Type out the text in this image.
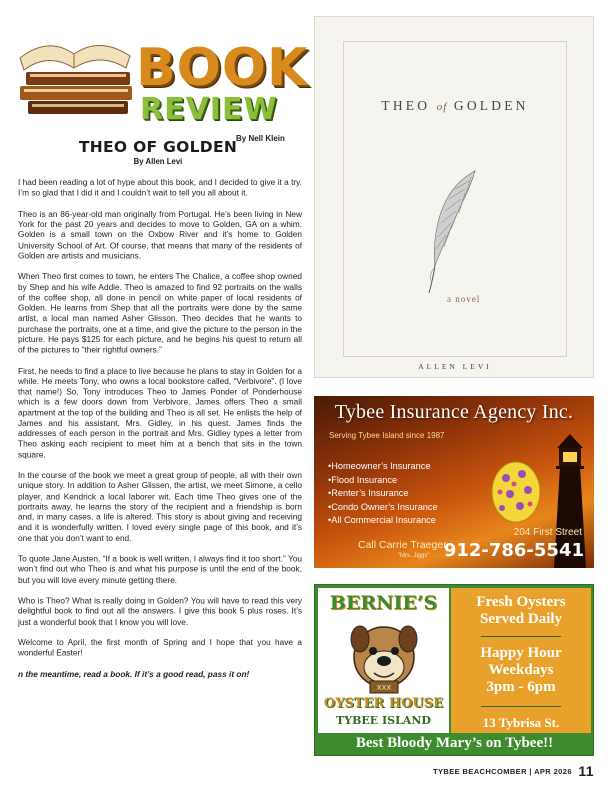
BOOK
REVIEW
By Nell Klein
THEO OF GOLDEN
By Allen Levi

I had been reading a lot of hype about this book, and I decided to give it a try. I’m so glad that I did it and I couldn’t wait to tell you all about it.

Theo is an 86-year-old man originally from Portugal. He’s been living in New York for the past 20 years and decides to move to Golden, GA on a whim. Golden is a small town on the Oxbow River and it’s home to Golden University School of Art. Of course, that means that many of the residents of Golden are artists and musicians.

When Theo first comes to town, he enters The Chalice, a coffee shop owned by Shep and his wife Addie. Theo is amazed to find 92 portraits on the walls of the coffee shop, all done in pencil on white paper of local residents of Golden. He learns from Shep that all the portraits were done by the same artist, a local man named Asher Glisson. Theo decides that he wants to purchase the portraits, one at a time, and give the picture to the person in the picture. He pays $125 for each picture, and he begins his quest to return all of the pictures to “their rightful owners.”

First, he needs to find a place to live because he plans to stay in Golden for a while. He meets Tony, who owns a local bookstore called, “Verbivore”. (I love that name!) So, Tony introduces Theo to James Ponder of Ponderhouse which is a few doors down from Verbivore. James offers Theo a small apartment at the top of the building and Theo is all set. He enlists the help of James and his assistant, Mrs. Gidley, in his quest. James finds the addresses of each person in the portrait and Mrs. Gidley types a letter from Theo asking each recipient to meet him at a bench that sits in the town square.

In the course of the book we meet a great group of people, all with their own unique story. In addition to Asher Glissen, the artist, we meet Simone, a cello player, and Kendrick a local laborer wit. Each time Theo gives one of the portraits away, he learns the story of the recipient and a friendship is born and, in many cases, a life is altered. This story is about giving and receiving and it is wonderfully written. I loved every single page of this book, and it’s one that you don’t want to end.

To quote Jane Austen, “If a book is well written, I always find it too short.” You won’t find out who Theo is and what his purpose is until the end of the book, but you will love every minute getting there.

Who is Theo? What is really doing in Golden? You will have to read this very delightful book to find out all the answers. I give this book 5 plus roses. It’s just a wonderful book that I know you will love.

Welcome to April, the first month of Spring and I hope that you have a wonderful Easter!

n the meantime, read a book. If it’s a good read, pass it on!

THEO of GOLDEN
a novel
ALLEN LEVI
Tybee Insurance Agency Inc.
Serving Tybee Island since 1987
• Homeowner’s Insurance
• Flood Insurance
• Renter’s Insurance
• Condo Owner’s Insurance
• All Commercial Insurance
204 First Street
Call Carrie Traeger
“Mrs. Jiggs” 912-786-5541
BERNIE’S
XXX
OYSTER HOUSE
TYBEE ISLAND
Fresh Oysters
Served Daily
Happy Hour
Weekdays
3pm - 6pm
13 Tybrisa St.
Best Bloody Mary’s on Tybee!!
TYBEE BEACHCOMBER | APR 2026 11
